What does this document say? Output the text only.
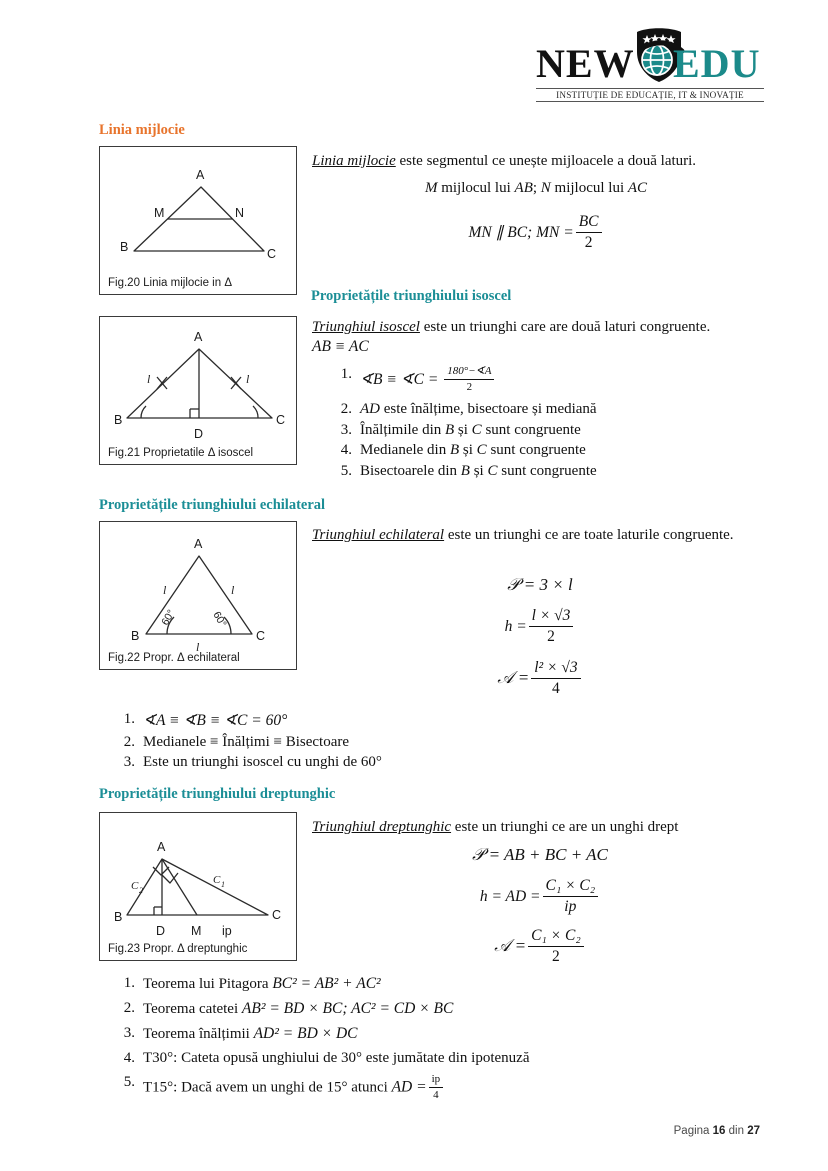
NEW EDU
INSTITUȚIE DE EDUCAȚIE, IT & INOVAȚIE
Linia mijlocie
A
M	N
B	C
Fig.20 Linia mijlocie in Δ
Linia mijlocie este segmentul ce unește mijloacele a două laturi.
M mijlocul lui AB; N mijlocul lui AC
MN ∥ BC; MN = $\frac{BC}{2}$
Proprietățile triunghiului isoscel
A
B	C
D
l	l
Fig.21 Proprietatile Δ isoscel
Triunghiul isoscel este un triunghi care are două laturi congruente.
AB ≡ AC
1. ∢B ≡ ∢C = $\frac{180^\circ-∢A}{2}$
2. AD este înălțime, bisectoare și mediană
3. Înălțimile din B și C sunt congruente
4. Medianele din B și C sunt congruente
5. Bisectoarele din B și C sunt congruente
Proprietățile triunghiului echilateral
A
B	C
l	l
l
60°	60°
Fig.22 Propr. Δ echilateral
Triunghiul echilateral este un triunghi ce are toate laturile congruente.
𝒫 = 3 × l
$h = \frac{l \times √3}{2}$
𝒜 = $\frac{\text{l² × √3}}{4}$
1. ∢A ≡ ∢B ≡ ∢C = 60°
2. Medianele ≡ Înălțimi ≡ Bisectoare
3. Este un triunghi isoscel cu unghi de 60°
Proprietățile triunghiului dreptunghic
A
B	C
D M ip
C 2
C 1
Fig.23 Propr. Δ dreptunghic
Triunghiul dreptunghic este un triunghi ce are un unghi drept
𝒫 = AB + BC + AC
h = AD = $\frac{\text{C₁ × C₂}}{ip}$
𝒜 = $\frac{\text{C₁ × C₂}}{2}$
1. Teorema lui Pitagora BC² = AB² + AC²
2. Teorema catetei AB² = BD × BC; AC² = CD × BC
3. Teorema înălțimii AD² = BD × DC
4. T30°: Cateta opusă unghiului de 30° este jumătate din ipotenuză
5. T15°: Dacă avem un unghi de 15° atunci AD = $\frac{ip}{4}$
Pagina 16 din 27
